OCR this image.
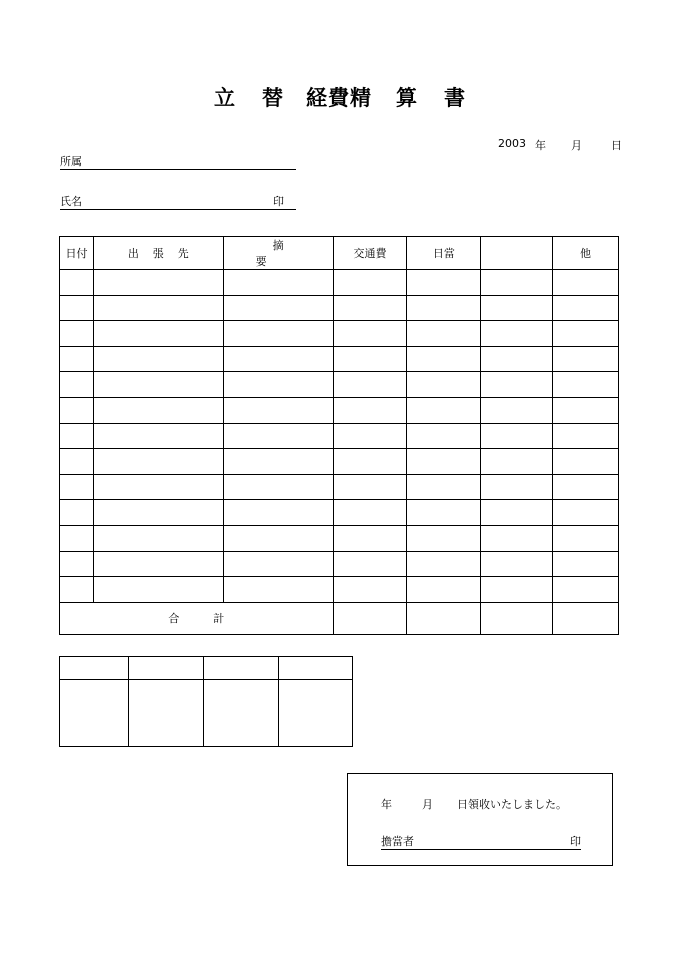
立 替 経費精 算 書
2003 年 月	日
所属
氏名	印
日付	出張先	摘要	交通費	日當		他

合計						

年	月 日領收いたしました。
擔當者	印
